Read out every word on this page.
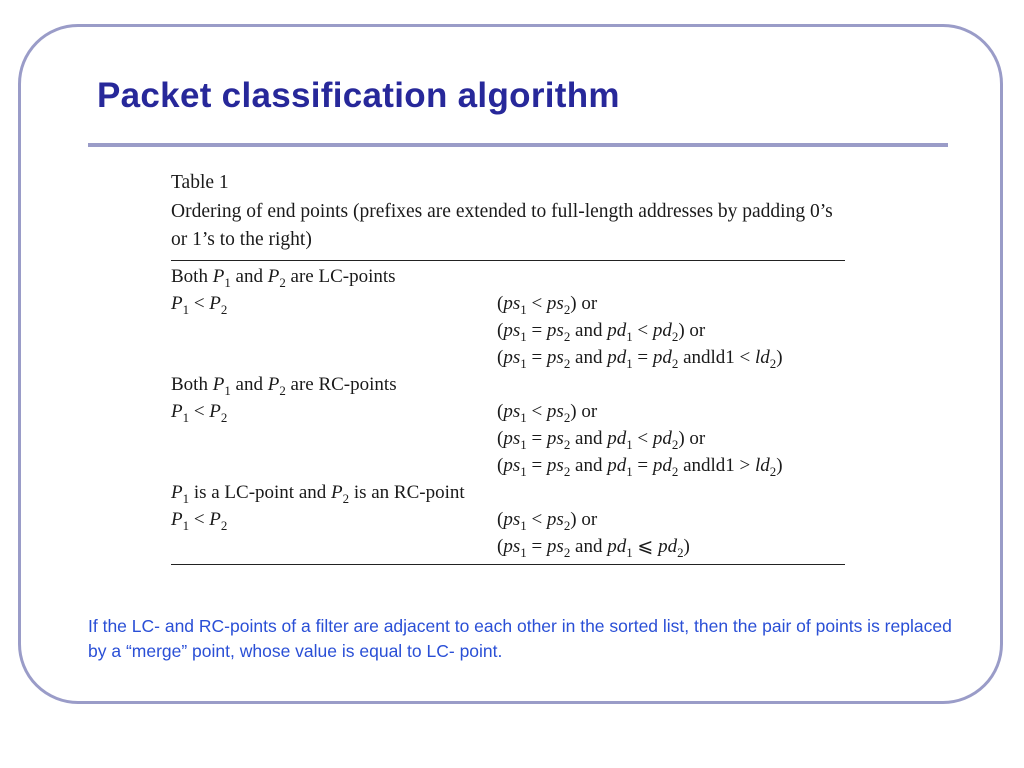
Packet classification algorithm
Table 1
Ordering of end points (prefixes are extended to full-length addresses by padding 0’s or 1’s to the right)
Both $P_1$ and $P_2$ are LC-points
$P_1 < P_2$	$(ps_1 < ps_2)$ or
($ps_1 = ps_2$ and $pd_1 < pd_2$) or
($ps_1 = ps_2$ and $pd_1 = pd_2$ andld1 < $ld_2$)
Both $P_1$ and $P_2$ are RC-points
$P_1 < P_2$	$(ps_1 < ps_2)$ or
($ps_1 = ps_2$ and $pd_1 < pd_2$) or
($ps_1 = ps_2$ and $pd_1 = pd_2$ andld1 > $ld_2$)
$P_1$ is a LC-point and $P_2$ is an RC-point
$P_1 < P_2$	$(ps_1 < ps_2)$ or
($ps_1 = ps_2$ and $pd_1$ ⩽ $pd_2$)

If the LC- and RC-points of a filter are adjacent to each other in the sorted list, then the pair of points is replaced by a “merge” point, whose value is equal to LC- point.
